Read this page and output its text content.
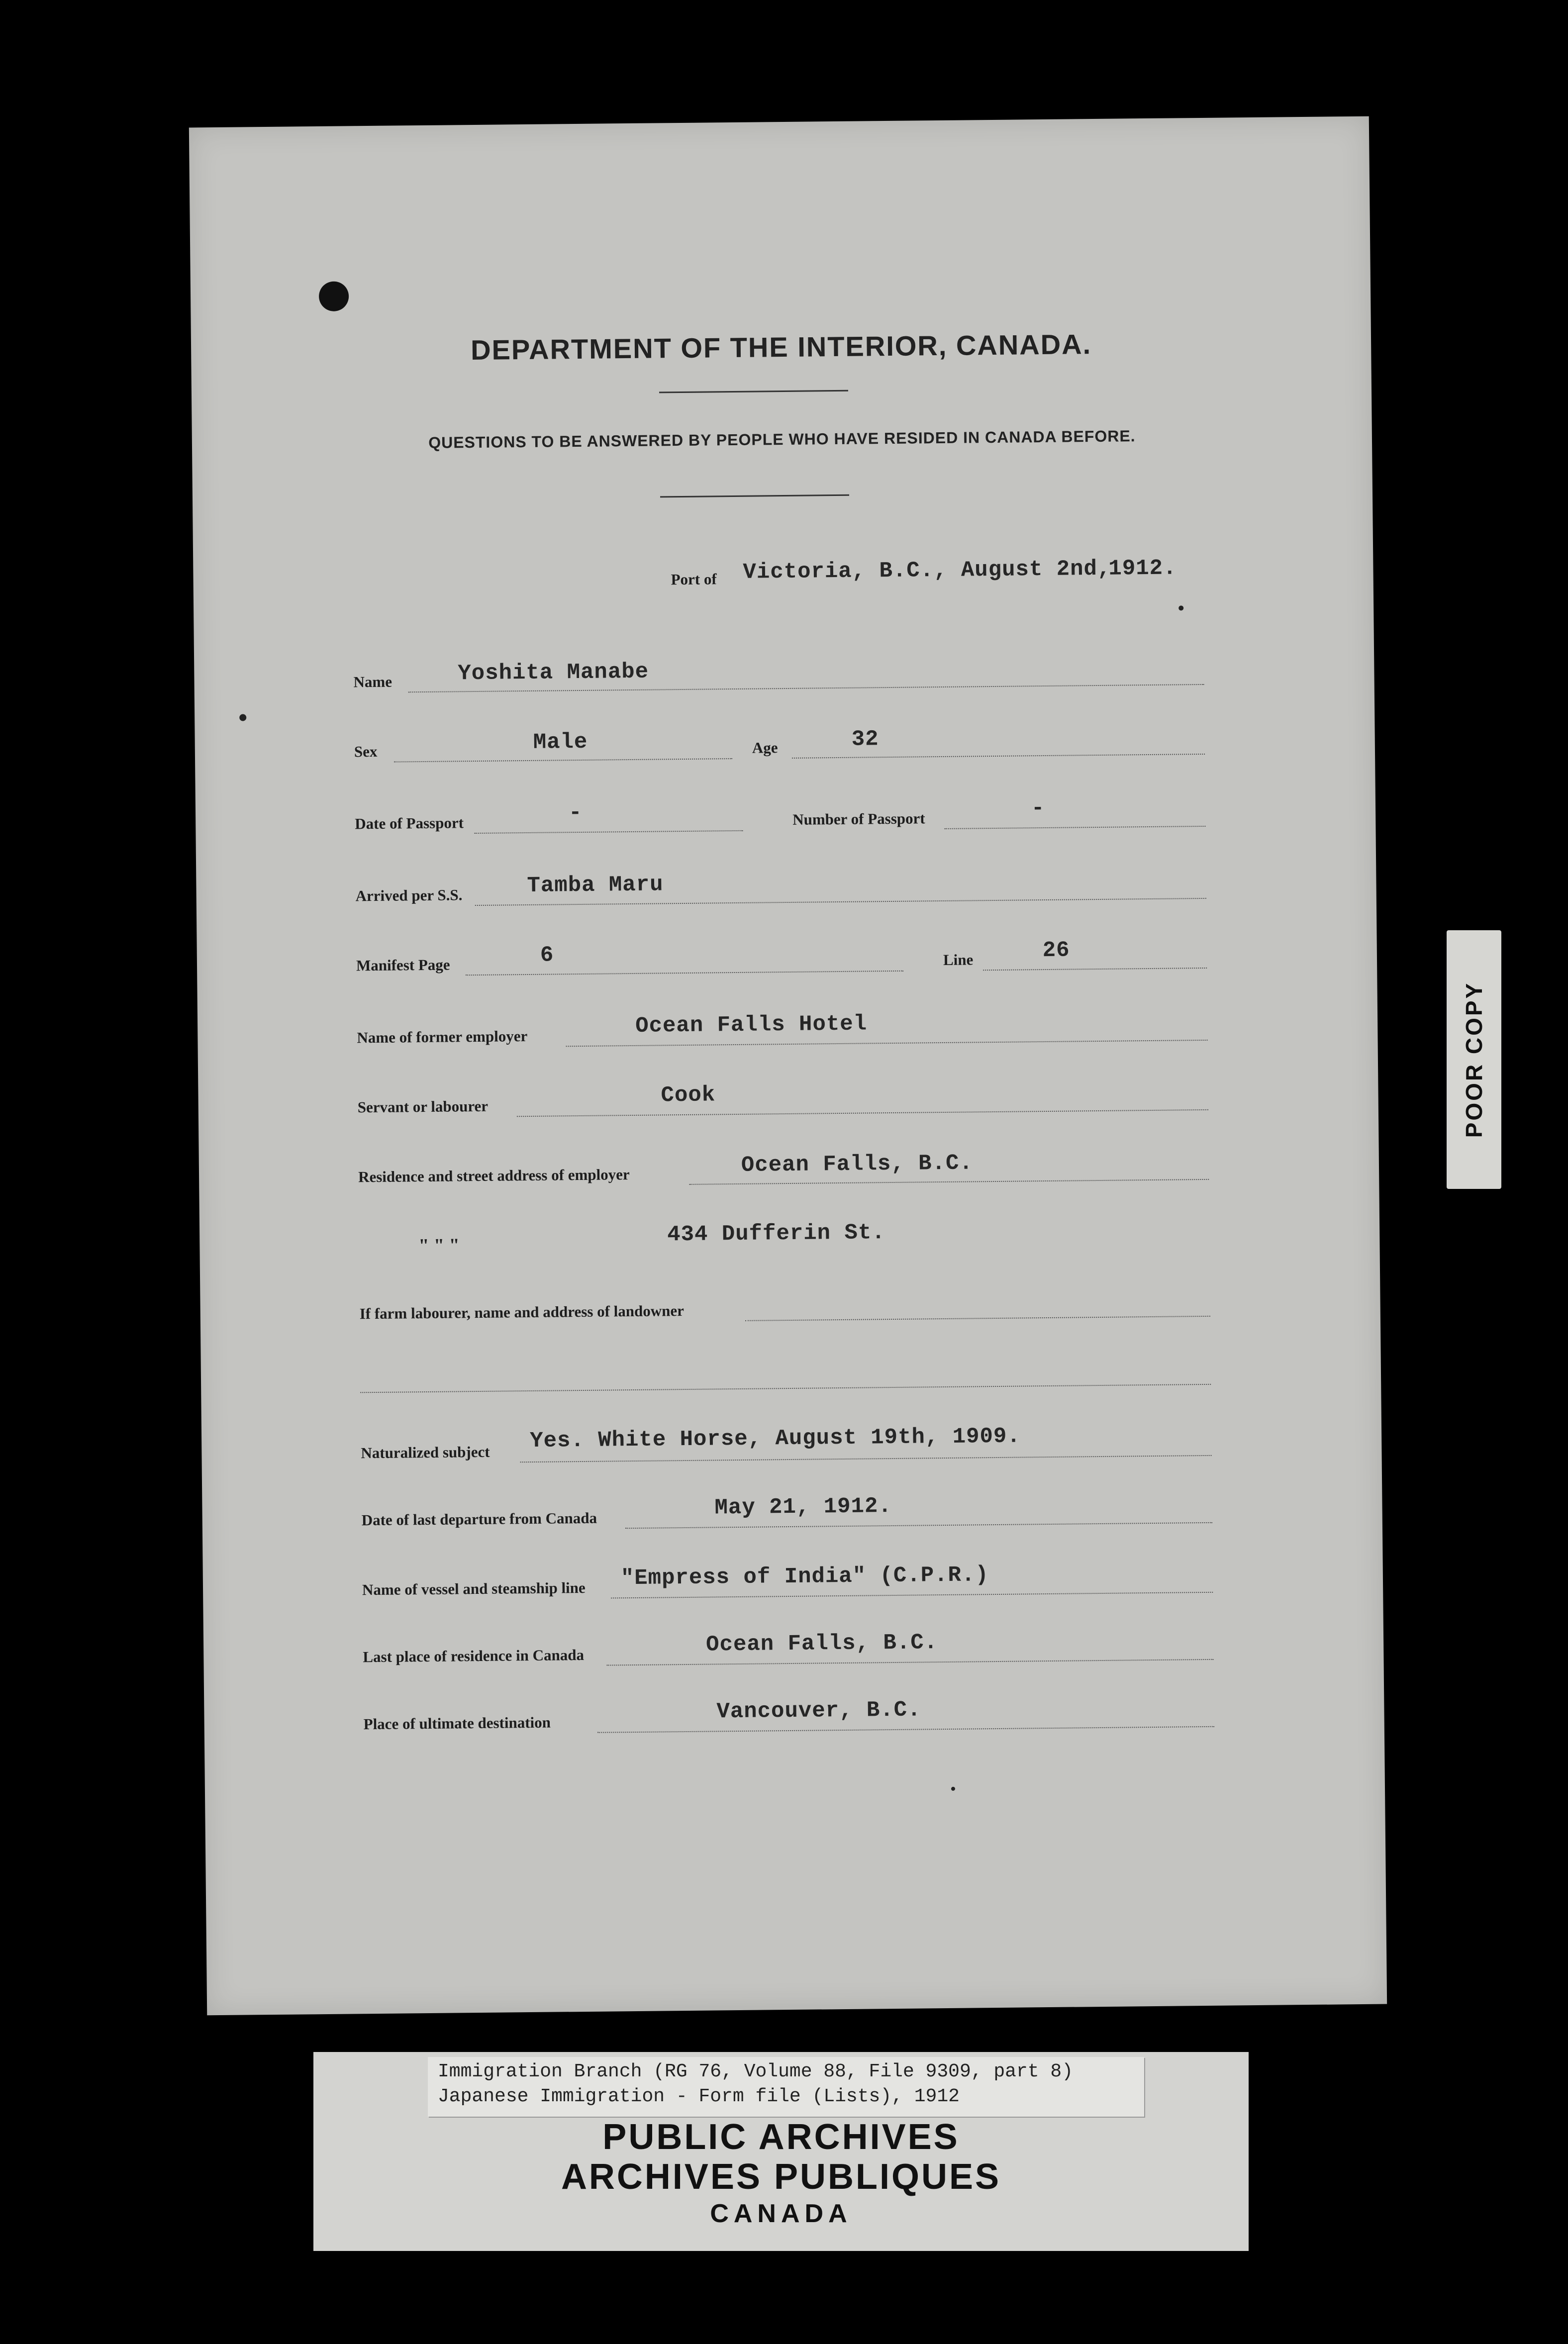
DEPARTMENT OF THE INTERIOR, CANADA.
QUESTIONS TO BE ANSWERED BY PEOPLE WHO HAVE RESIDED IN CANADA BEFORE.
Port of Victoria, B.C., August 2nd,
1912.
Name	Yoshita Manabe
Sex	Male	Age	32
Date of Passport	-	Number of Passport	-
Arrived per S.S.	Tamba Maru
Manifest Page	6	Line	26
Name of former employer	Ocean Falls Hotel
Servant or labourer	Cook
Residence and street address of employer	Ocean Falls, B.C.
" " "	434 Dufferin St.
If farm labourer, name and address of landowner
Naturalized subject Yes. White Horse, August 19th, 1909.
Date of last departure from Canada	May 21, 1912.
Name of vessel and steamship line "Empress of India" (C.P.R.)
Last place of residence in Canada	Ocean Falls, B.C.
Place of ultimate destination	Vancouver, B.C.
POOR COPY
Immigration Branch (RG 76, Volume 88, File 9309, part 8)
Japanese Immigration - Form file (Lists), 1912
PUBLIC ARCHIVES
ARCHIVES PUBLIQUES
CANADA
